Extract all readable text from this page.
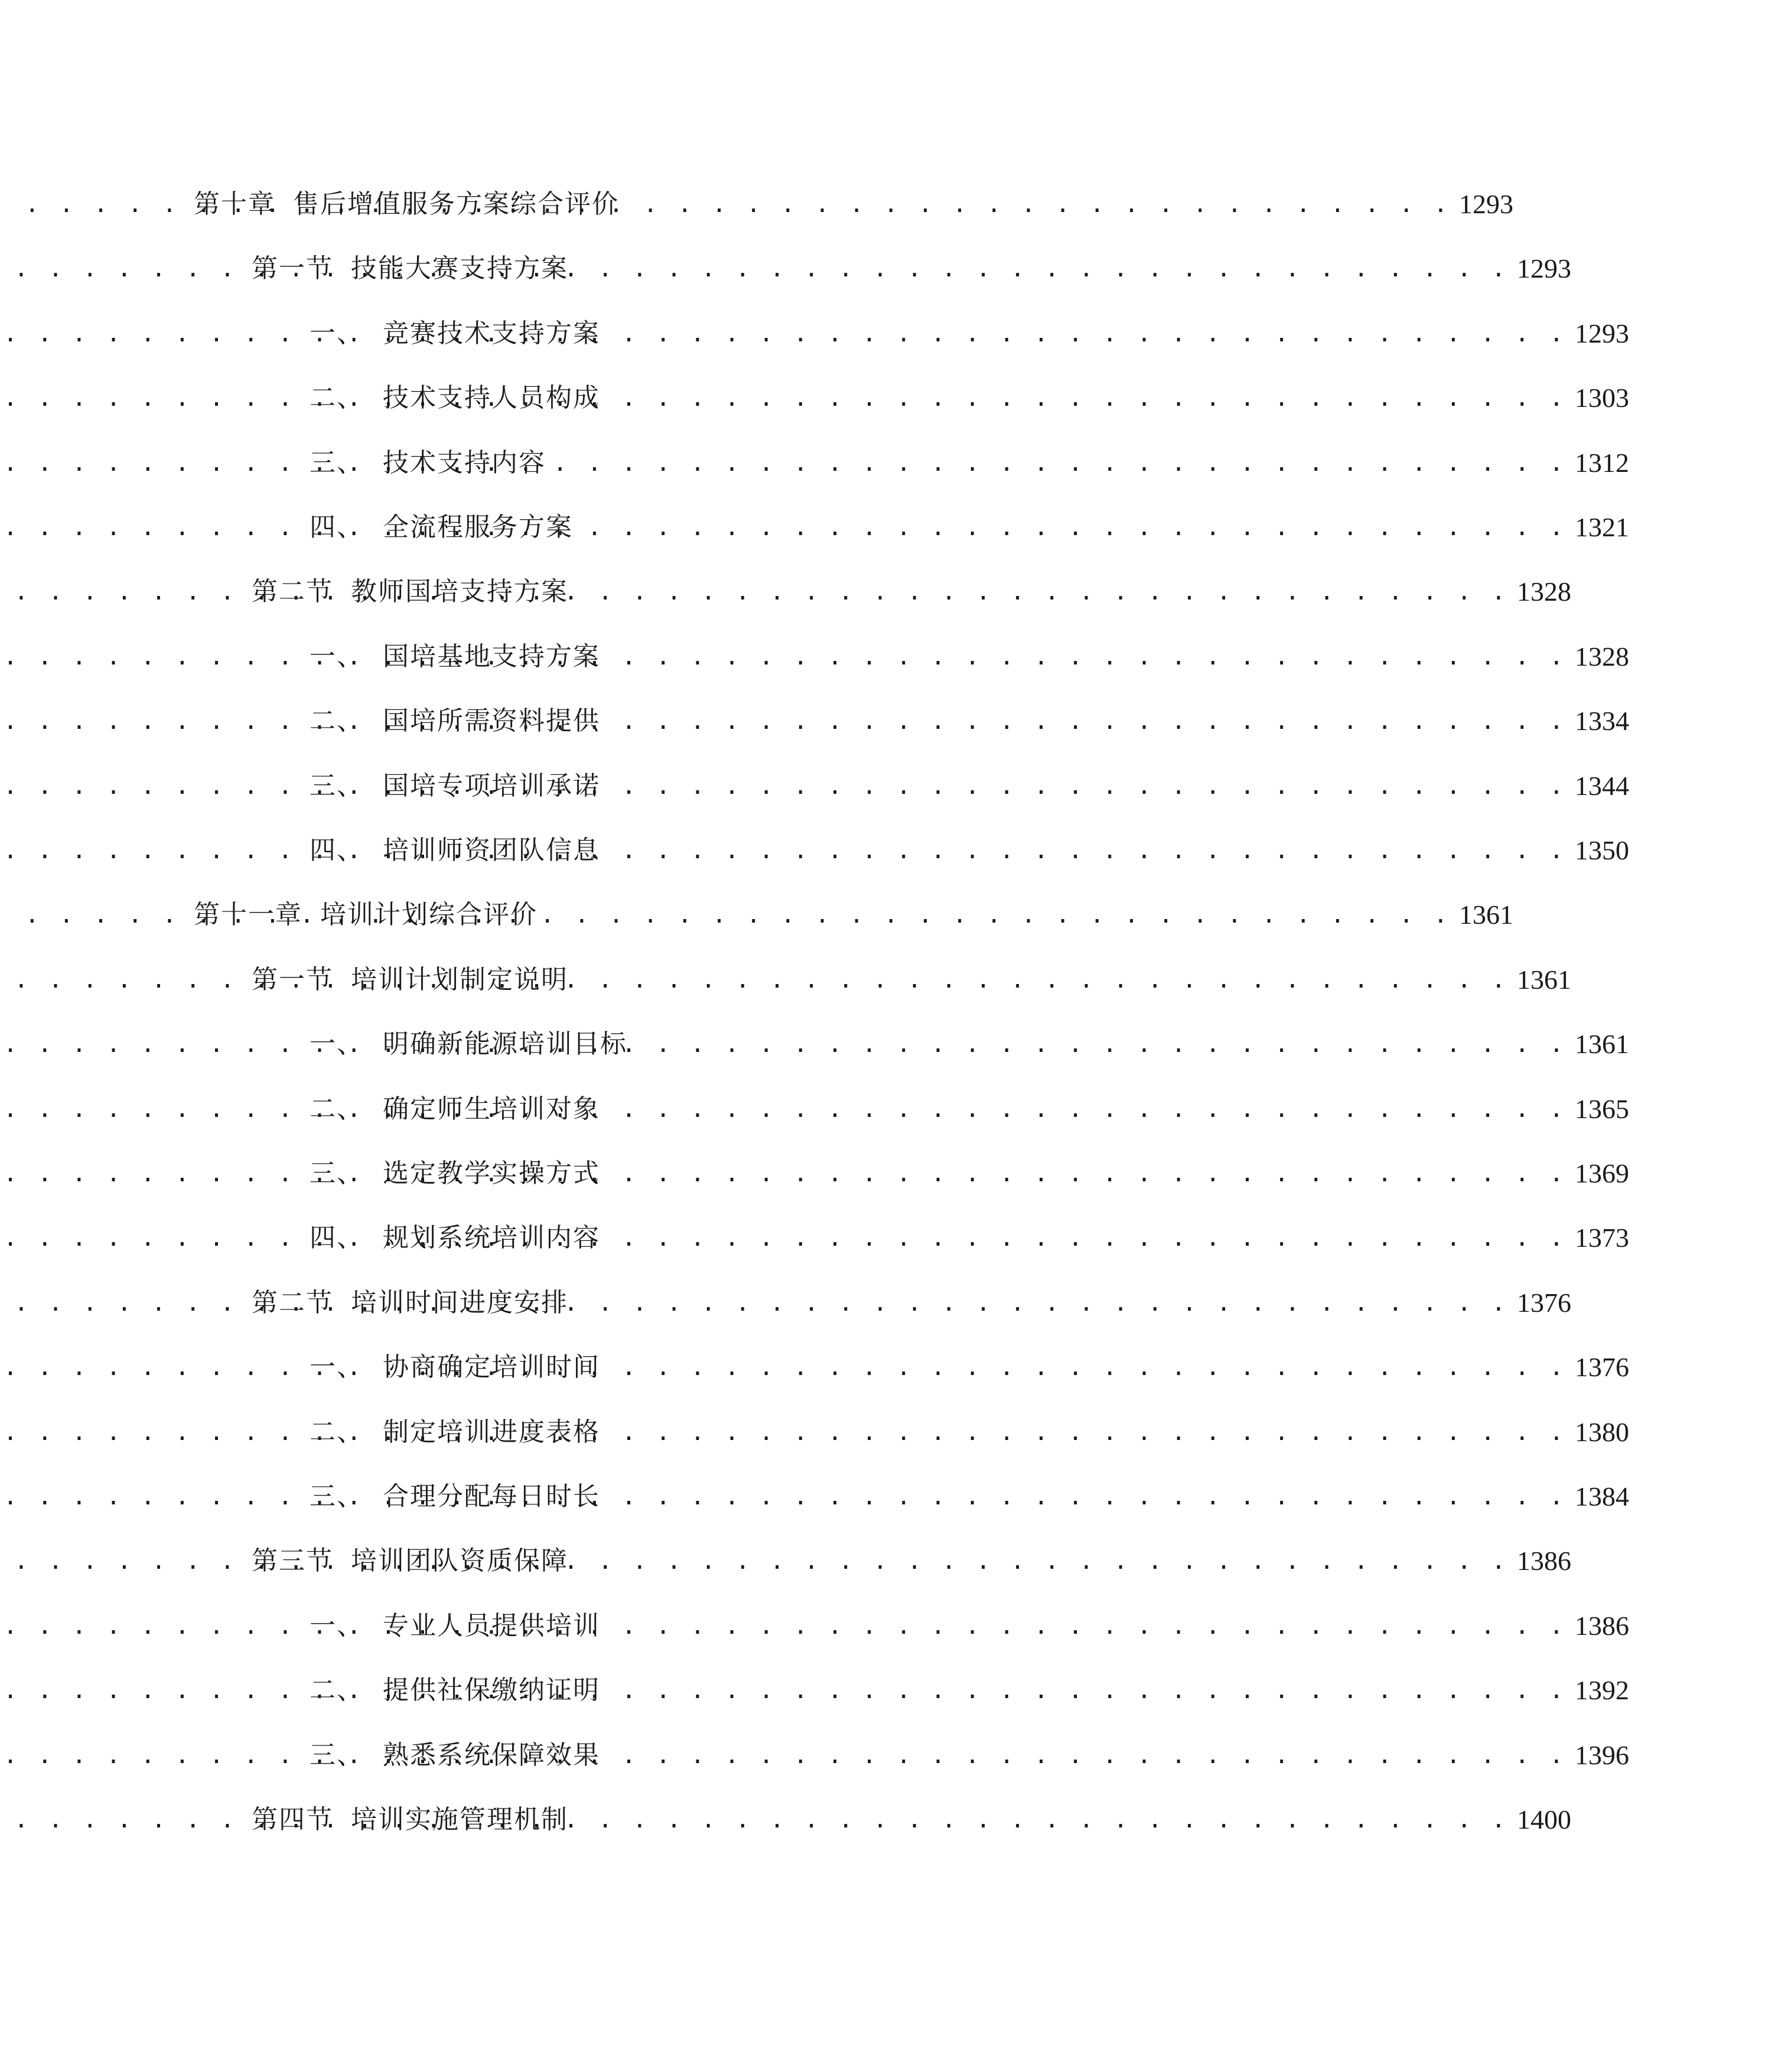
第十章 售后增值服务方案综合评价 . . .	1293
第一节 技能大赛支持方案 . . .	1293
一、 竞赛技术支持方案 . . .	1293
二、 技术支持人员构成 . . .	1303
三、 技术支持内容 . . .	1312
四、 全流程服务方案 . . .	1321
第二节 教师国培支持方案 . . .	1328
一、 国培基地支持方案 . . .	1328
二、 国培所需资料提供 . . .	1334
三、 国培专项培训承诺 . . .	1344
四、 培训师资团队信息 . . .	1350
第十一章 培训计划综合评价 . . .	1361
第一节 培训计划制定说明 . . .	1361
一、 明确新能源培训目标 . . .	1361
二、 确定师生培训对象 . . .	1365
三、 选定教学实操方式 . . .	1369
四、 规划系统培训内容 . . .	1373
第二节 培训时间进度安排 . . .	1376
一、 协商确定培训时间 . . .	1376
二、 制定培训进度表格 . . .	1380
三、 合理分配每日时长 . . .	1384
第三节 培训团队资质保障 . . .	1386
一、 专业人员提供培训 . . .	1386
二、 提供社保缴纳证明 . . .	1392
三、 熟悉系统保障效果 . . .	1396
第四节 培训实施管理机制 . . .	1400
